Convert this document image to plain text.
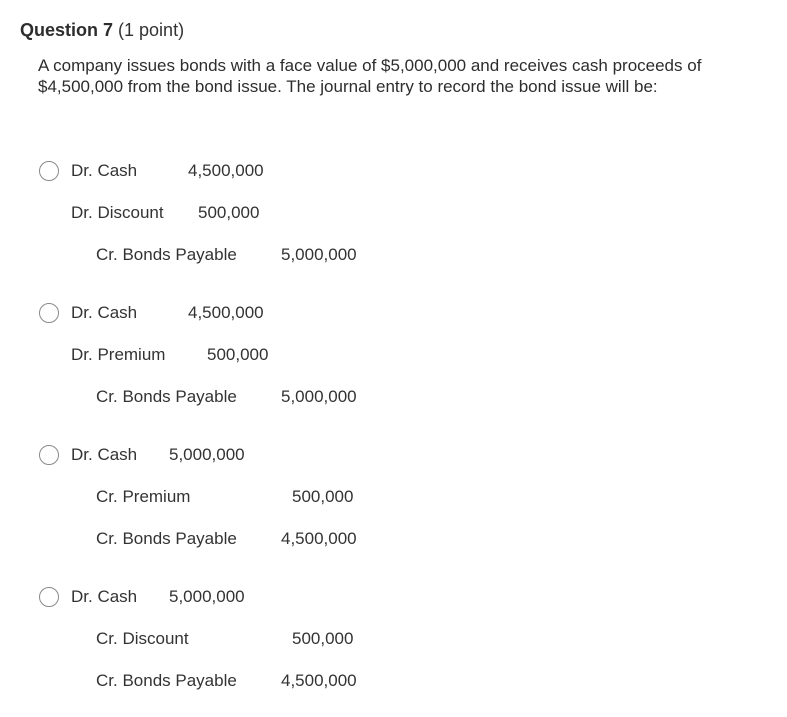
Question 7 (1 point)
A company issues bonds with a face value of $5,000,000 and receives cash proceeds of $4,500,000 from the bond issue. The journal entry to record the bond issue will be:
Dr. Cash	4,500,000
Dr. Discount 500,000
Cr. Bonds Payable	5,000,000
Dr. Cash	4,500,000
Dr. Premium 500,000
Cr. Bonds Payable	5,000,000
Dr. Cash 5,000,000
Cr. Premium	500,000
Cr. Bonds Payable	4,500,000
Dr. Cash 5,000,000
Cr. Discount	500,000
Cr. Bonds Payable	4,500,000
